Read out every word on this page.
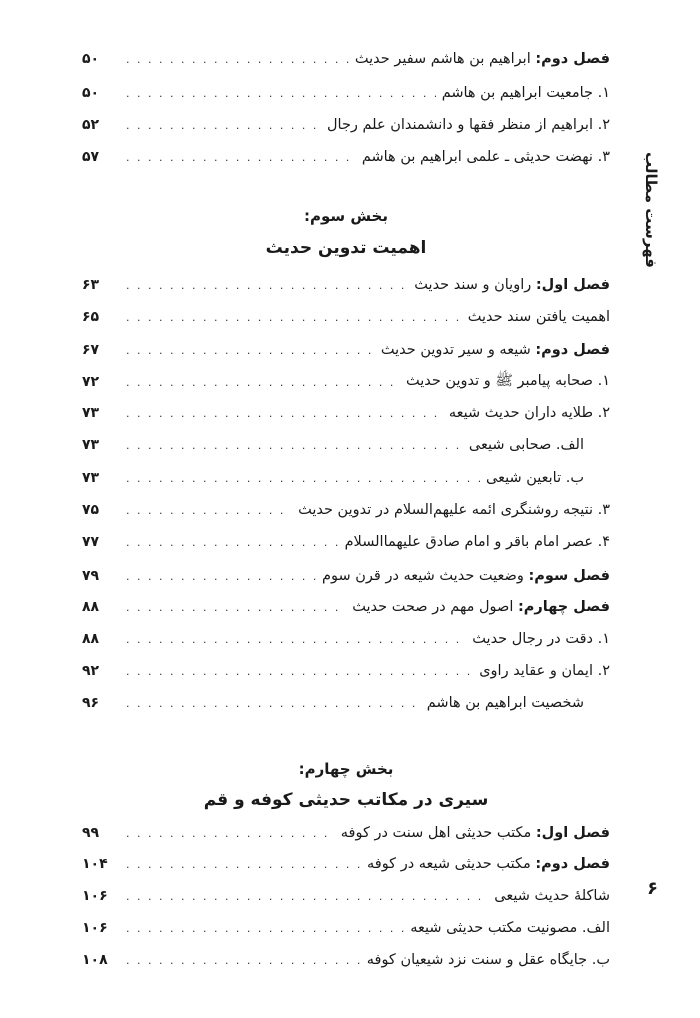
فهرست مطالب
۶
فصل دوم: ابراهیم بن هاشم سفیر حدیث
. . .
۵۰
۱. جامعیت ابراهیم بن هاشم
. . .
۵۰
۲. ابراهیم از منظر فقها و دانشمندان علم رجال
. . .
۵۲
۳. نهضت حدیثی ـ علمی ابراهیم بن هاشم
. . .
۵۷
بخش سوم:
اهمیت تدوین حدیث
فصل اول: راویان و سند حدیث
. . .
۶۳
اهمیت یافتن سند حدیث
. . .
۶۵
فصل دوم: شیعه و سیر تدوین حدیث
. . .
۶۷
۱. صحابه پیامبر ﷺ و تدوین حدیث
. . .
۷۲
۲. طلایه داران حدیث شیعه
. . .
۷۳
الف. صحابی شیعی
. . .
۷۳
ب. تابعین شیعی
. . .
۷۳
۳. نتیجه روشنگری ائمه علیهم‌السلام در تدوین حدیث
. . .
۷۵
۴. عصر امام باقر و امام صادق علیهما‌السلام
. . .
۷۷
فصل سوم: وضعیت حدیث شیعه در قرن سوم
. . .
۷۹
فصل چهارم: اصول مهم در صحت حدیث
. . .
۸۸
۱. دقت در رجال حدیث
. . .
۸۸
۲. ایمان و عقاید راوی
. . .
۹۲
شخصیت ابراهیم بن هاشم
. . .
۹۶
بخش چهارم:
سیری در مکاتب حدیثی کوفه و قم
فصل اول: مکتب حدیثی اهل سنت در کوفه
. . .
۹۹
فصل دوم: مکتب حدیثی شیعه در کوفه
. . .
۱۰۴
شاکلهٔ حدیث شیعی
. . .
۱۰۶
الف. مصونیت مکتب حدیثی شیعه
. . .
۱۰۶
ب. جایگاه عقل و سنت نزد شیعیان کوفه
. . .
۱۰۸
